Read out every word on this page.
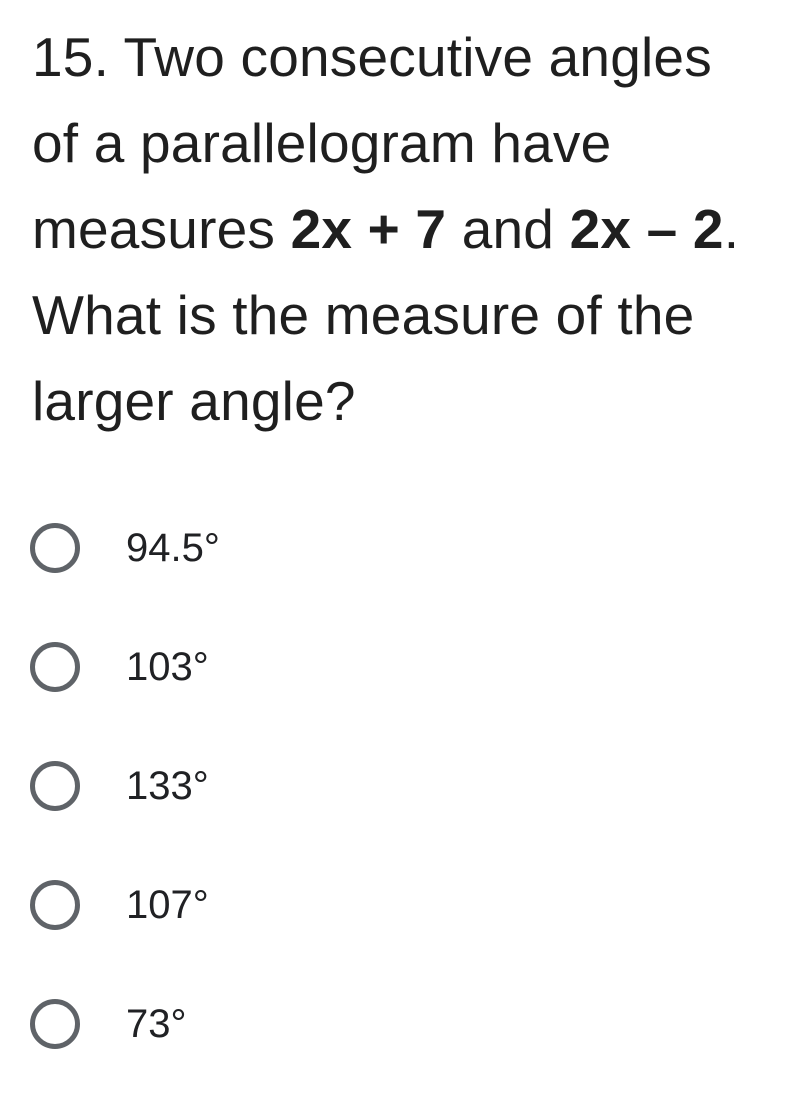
15. Two consecutive angles
of a parallelogram have
measures 2x + 7 and 2x – 2.
What is the measure of the
larger angle?
94.5°
103°
133°
107°
73°
